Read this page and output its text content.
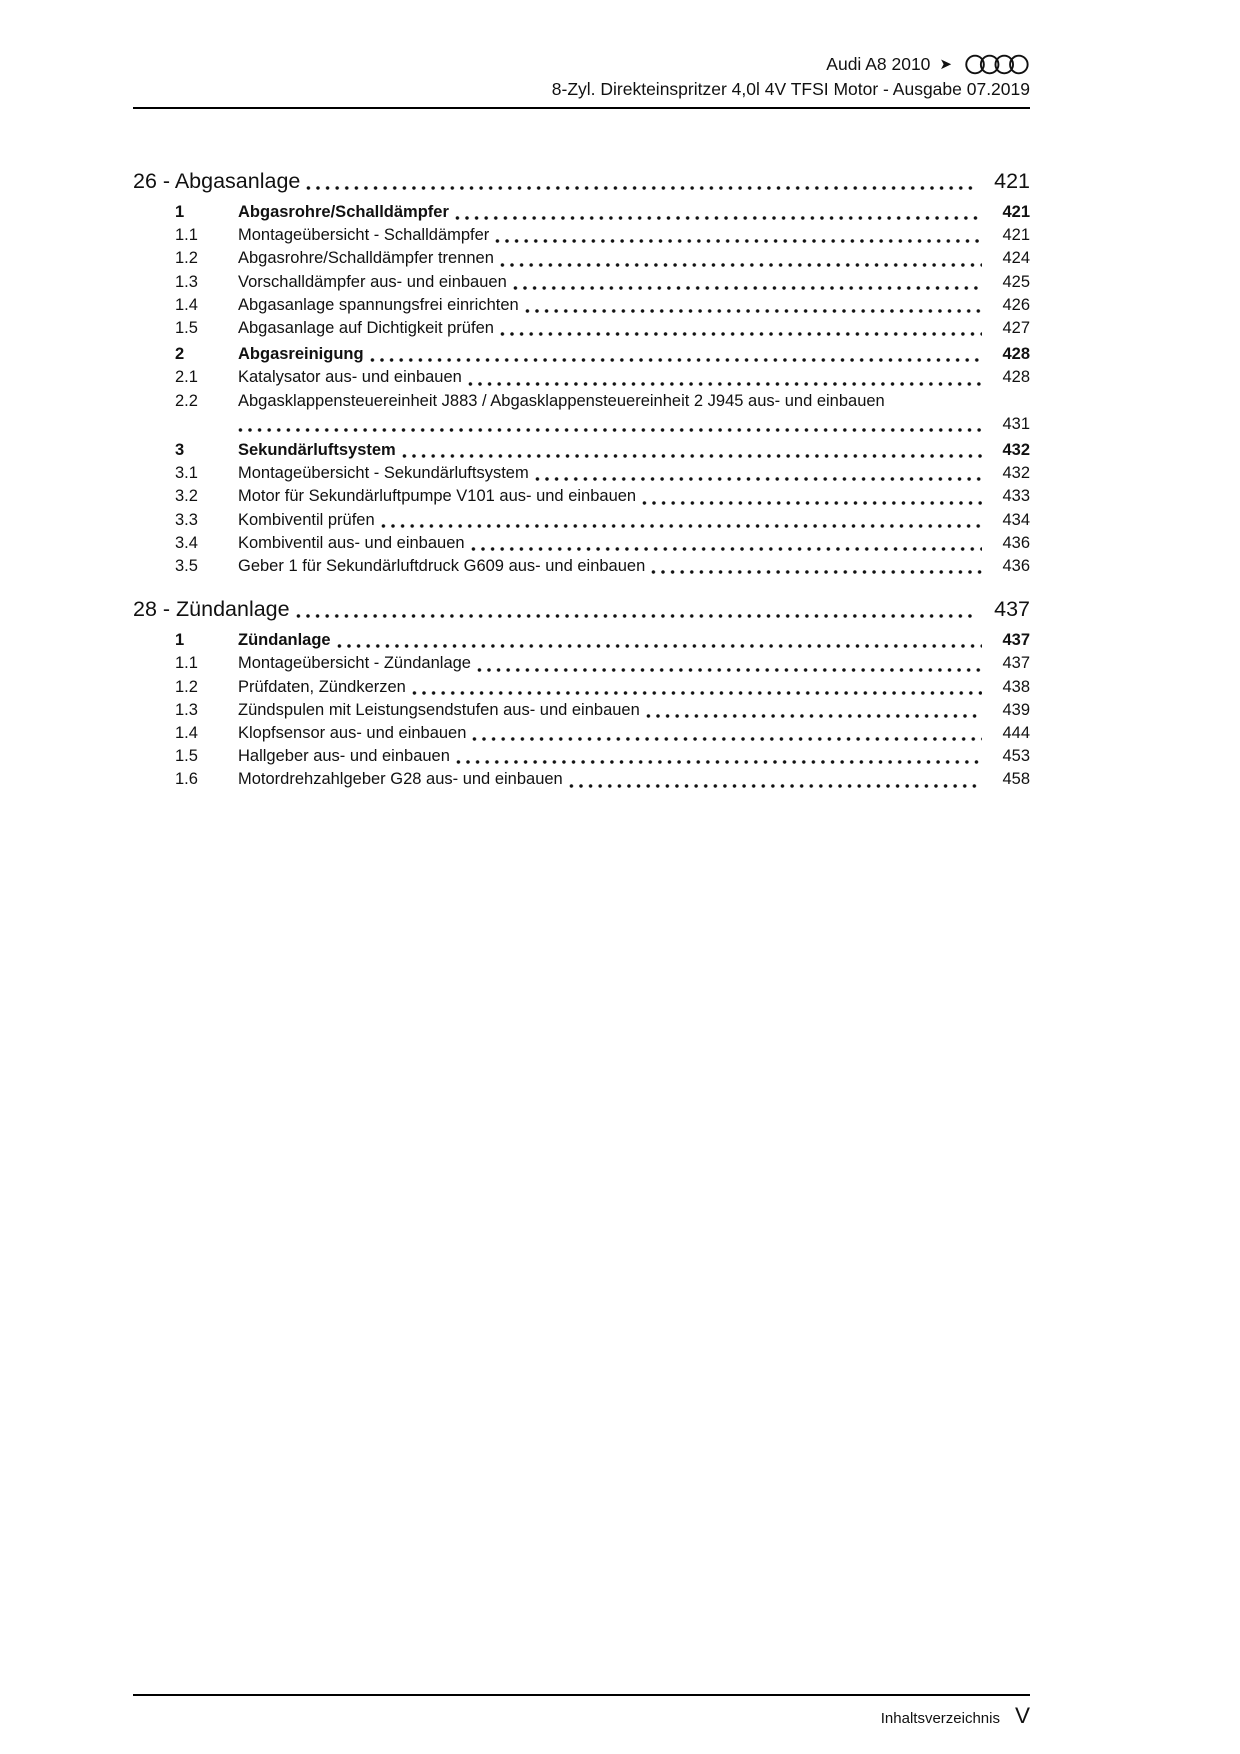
Audi A8 2010 ➤
8-Zyl. Direkteinspritzer 4,0l 4V TFSI Motor - Ausgabe 07.2019
26 - Abgasanlage	421
1	Abgasrohre/Schalldämpfer	421
1.1	Montageübersicht - Schalldämpfer	421
1.2	Abgasrohre/Schalldämpfer trennen	424
1.3	Vorschalldämpfer aus- und einbauen	425
1.4	Abgasanlage spannungsfrei einrichten	426
1.5	Abgasanlage auf Dichtigkeit prüfen	427
2	Abgasreinigung	428
2.1	Katalysator aus- und einbauen	428
2.2	Abgasklappensteuereinheit J883 / Abgasklappensteuereinheit 2 J945 aus- und einbauen
431
3	Sekundärluftsystem	432
3.1	Montageübersicht - Sekundärluftsystem	432
3.2	Motor für Sekundärluftpumpe V101 aus- und einbauen	433
3.3	Kombiventil prüfen	434
3.4	Kombiventil aus- und einbauen	436
3.5	Geber 1 für Sekundärluftdruck G609 aus- und einbauen	436
28 - Zündanlage	437
1	Zündanlage	437
1.1	Montageübersicht - Zündanlage	437
1.2	Prüfdaten, Zündkerzen	438
1.3	Zündspulen mit Leistungsendstufen aus- und einbauen	439
1.4	Klopfsensor aus- und einbauen	444
1.5	Hallgeber aus- und einbauen	453
1.6	Motordrehzahlgeber G28 aus- und einbauen	458
Inhaltsverzeichnis V
